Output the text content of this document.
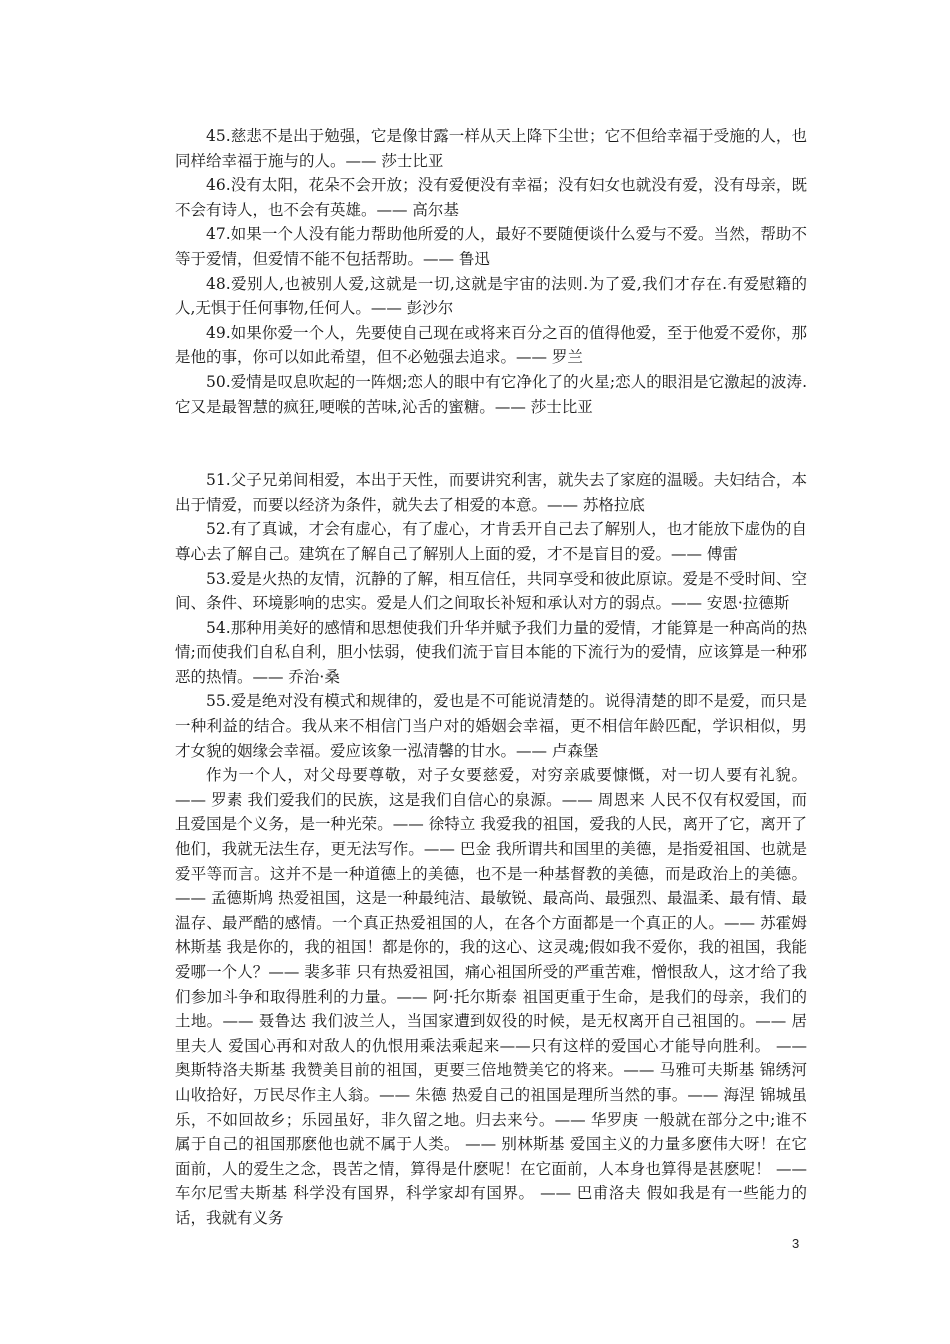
45.慈悲不是出于勉强，它是像甘露一样从天上降下尘世；它不但给幸福于受施的人，也同样给幸福于施与的人。—— 莎士比亚

46.没有太阳，花朵不会开放；没有爱便没有幸福；没有妇女也就没有爱，没有母亲，既不会有诗人，也不会有英雄。—— 高尔基

47.如果一个人没有能力帮助他所爱的人，最好不要随便谈什么爱与不爱。当然，帮助不等于爱情，但爱情不能不包括帮助。—— 鲁迅

48.爱别人,也被别人爱,这就是一切,这就是宇宙的法则.为了爱,我们才存在.有爱慰籍的人,无惧于任何事物,任何人。—— 彭沙尔

49.如果你爱一个人，先要使自己现在或将来百分之百的值得他爱，至于他爱不爱你，那是他的事，你可以如此希望，但不必勉强去追求。—— 罗兰

50.爱情是叹息吹起的一阵烟;恋人的眼中有它净化了的火星;恋人的眼泪是它激起的波涛.它又是最智慧的疯狂,哽喉的苦味,沁舌的蜜糖。—— 莎士比亚

51.父子兄弟间相爱，本出于天性，而要讲究利害，就失去了家庭的温暖。夫妇结合，本出于情爱，而要以经济为条件，就失去了相爱的本意。—— 苏格拉底

52.有了真诚，才会有虚心，有了虚心，才肯丢开自己去了解别人，也才能放下虚伪的自尊心去了解自己。建筑在了解自己了解别人上面的爱，才不是盲目的爱。—— 傅雷

53.爱是火热的友情，沉静的了解，相互信任，共同享受和彼此原谅。爱是不受时间、空间、条件、环境影响的忠实。爱是人们之间取长补短和承认对方的弱点。—— 安恩·拉德斯

54.那种用美好的感情和思想使我们升华并赋予我们力量的爱情，才能算是一种高尚的热情;而使我们自私自利，胆小怯弱，使我们流于盲目本能的下流行为的爱情，应该算是一种邪恶的热情。—— 乔治·桑

55.爱是绝对没有模式和规律的，爱也是不可能说清楚的。说得清楚的即不是爱，而只是一种利益的结合。我从来不相信门当户对的婚姻会幸福，更不相信年龄匹配，学识相似，男才女貌的姻缘会幸福。爱应该象一泓清馨的甘水。—— 卢森堡

作为一个人，对父母要尊敬，对子女要慈爱，对穷亲戚要慷慨，对一切人要有礼貌。—— 罗素 我们爱我们的民族，这是我们自信心的泉源。—— 周恩来 人民不仅有权爱国，而且爱国是个义务，是一种光荣。—— 徐特立 我爱我的祖国，爱我的人民，离开了它，离开了他们，我就无法生存，更无法写作。—— 巴金 我所谓共和国里的美德，是指爱祖国、也就是爱平等而言。这并不是一种道德上的美德，也不是一种基督教的美德，而是政治上的美德。—— 孟德斯鸠 热爱祖国，这是一种最纯洁、最敏锐、最高尚、最强烈、最温柔、最有情、最温存、最严酷的感情。一个真正热爱祖国的人，在各个方面都是一个真正的人。—— 苏霍姆林斯基 我是你的，我的祖国！都是你的，我的这心、这灵魂;假如我不爱你，我的祖国，我能爱哪一个人？—— 裴多菲 只有热爱祖国，痛心祖国所受的严重苦难，憎恨敌人，这才给了我们参加斗争和取得胜利的力量。—— 阿·托尔斯泰 祖国更重于生命，是我们的母亲，我们的土地。—— 聂鲁达 我们波兰人，当国家遭到奴役的时候，是无权离开自己祖国的。—— 居里夫人 爱国心再和对敌人的仇恨用乘法乘起来——只有这样的爱国心才能导向胜利。 —— 奥斯特洛夫斯基 我赞美目前的祖国，更要三倍地赞美它的将来。—— 马雅可夫斯基 锦绣河山收拾好，万民尽作主人翁。—— 朱德 热爱自己的祖国是理所当然的事。—— 海涅 锦城虽乐，不如回故乡；乐园虽好，非久留之地。归去来兮。—— 华罗庚 一般就在部分之中;谁不属于自己的祖国那麽他也就不属于人类。 —— 别林斯基 爱国主义的力量多麽伟大呀！在它面前，人的爱生之念，畏苦之情，算得是什麽呢！在它面前，人本身也算得是甚麽呢！ —— 车尔尼雪夫斯基 科学没有国界，科学家却有国界。 —— 巴甫洛夫 假如我是有一些能力的话，我就有义务

3
